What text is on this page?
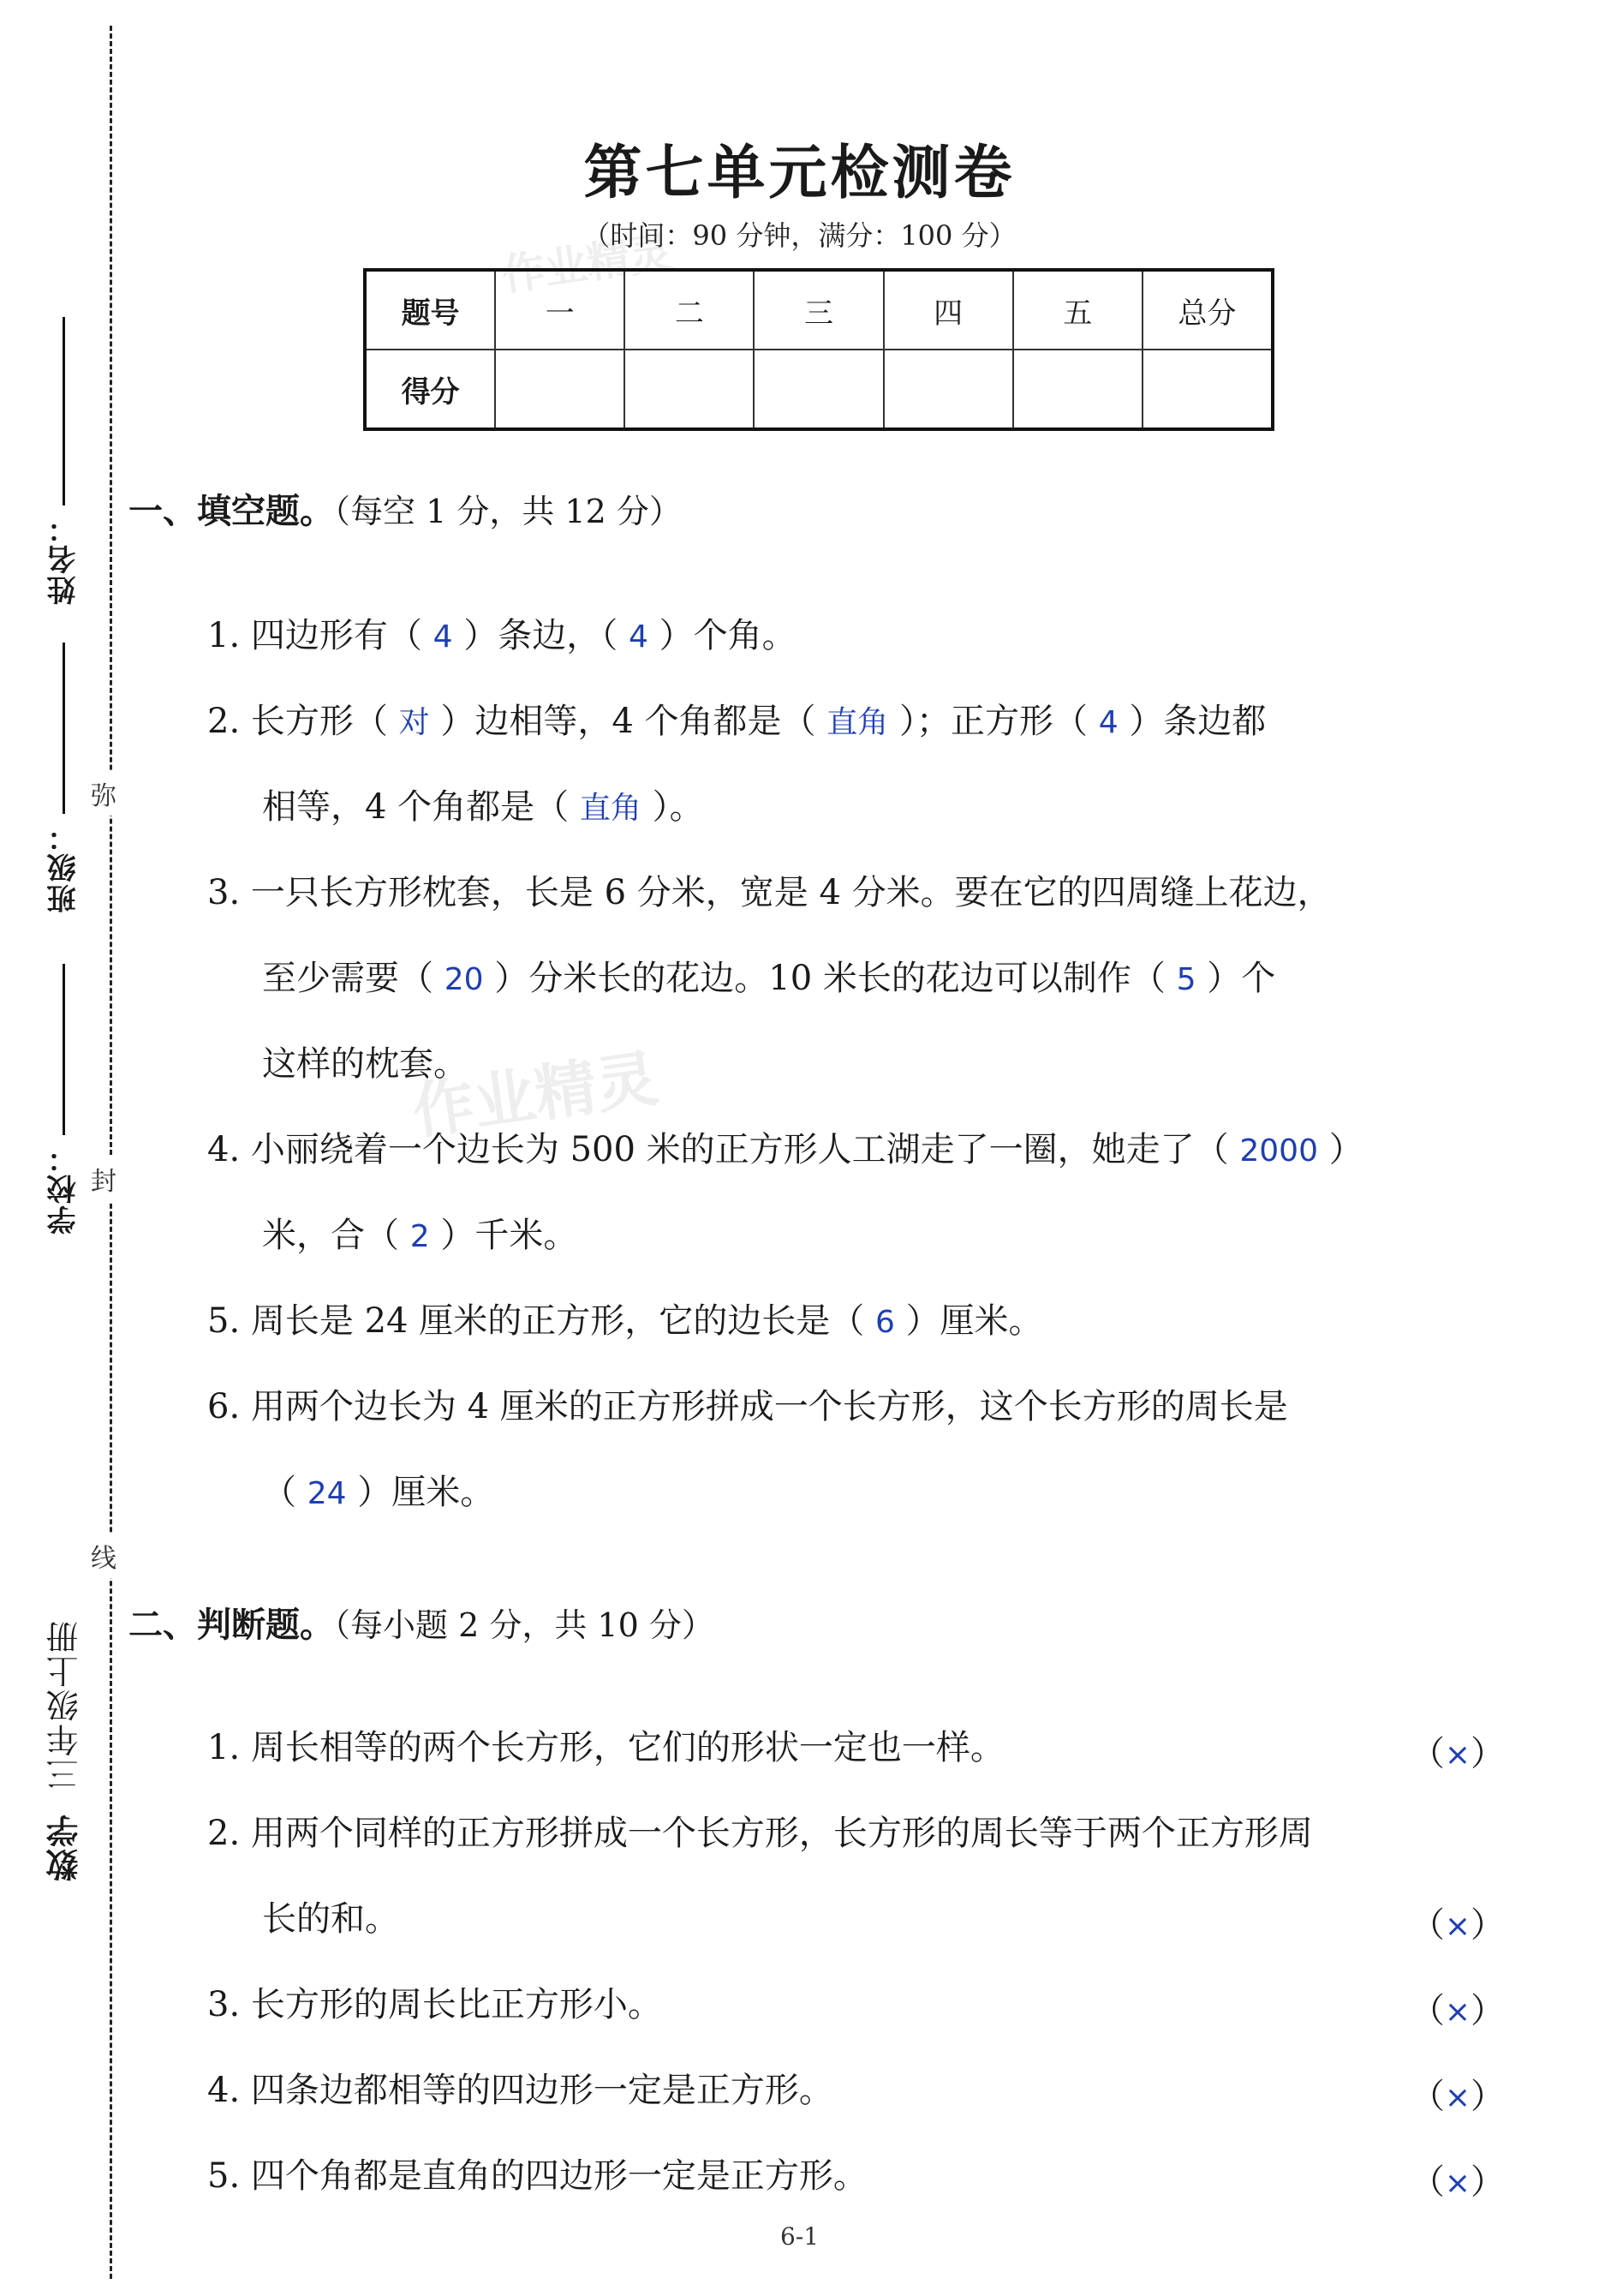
姓名：
班级：
学校：
弥
封
线
数学三年级上册
作业精灵
作业精灵
第七单元检测卷
（时间：90 分钟，满分：100 分）
题号	一	二	三	四	五	总分
得分						
一、填空题。（每空 1 分，共 12 分）
1. 四边形有（ 4 ）条边，（ 4 ）个角。
2. 长方形（ 对 ）边相等，4 个角都是（ 直角 ）；正方形（ 4 ）条边都
相等，4 个角都是（ 直角 ）。
3. 一只长方形枕套，长是 6 分米，宽是 4 分米。要在它的四周缝上花边，
至少需要（ 20 ）分米长的花边。10 米长的花边可以制作（ 5 ）个
这样的枕套。
4. 小丽绕着一个边长为 500 米的正方形人工湖走了一圈，她走了（ 2000 ）
米，合（ 2 ）千米。
5. 周长是 24 厘米的正方形，它的边长是（ 6 ）厘米。
6. 用两个边长为 4 厘米的正方形拼成一个长方形，这个长方形的周长是
（ 24 ）厘米。
二、判断题。（每小题 2 分，共 10 分）
1. 周长相等的两个长方形，它们的形状一定也一样。	（×）
2. 用两个同样的正方形拼成一个长方形，长方形的周长等于两个正方形周
长的和。	（×）
3. 长方形的周长比正方形小。	（×）
4. 四条边都相等的四边形一定是正方形。	（×）
5. 四个角都是直角的四边形一定是正方形。	（×）
6-1
